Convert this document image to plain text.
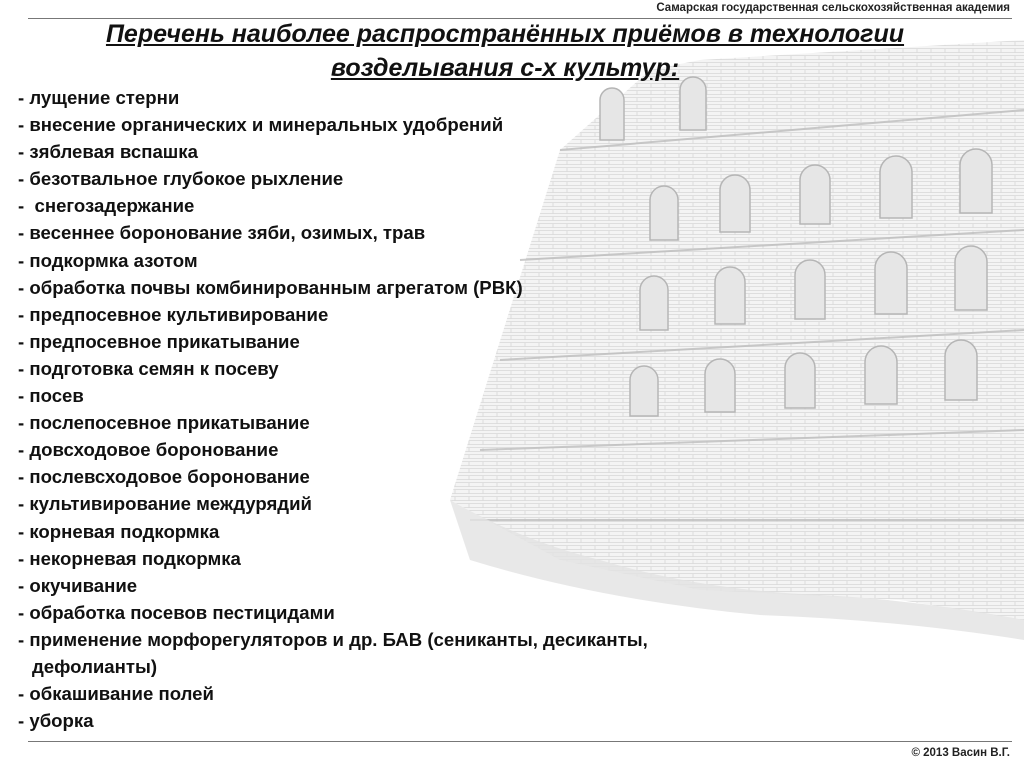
Самарская государственная сельскохозяйственная академия
Перечень наиболее распространённых приёмов в технологии
возделывания с-х культур:
- лущение стерни
- внесение органических и минеральных удобрений
- зяблевая вспашка
- безотвальное глубокое рыхление
-  снегозадержание
- весеннее боронование зяби, озимых, трав
- подкормка азотом
- обработка почвы комбинированным агрегатом (РВК)
- предпосевное культивирование
- предпосевное прикатывание
- подготовка семян к посеву
- посев
- послепосевное прикатывание
- довсходовое боронование
- послевсходовое боронование
- культивирование междурядий
- корневая подкормка
- некорневая подкормка
- окучивание
- обработка посевов пестицидами
- применение морфорегуляторов и др. БАВ (сениканты, десиканты,
дефолианты)
- обкашивание полей
- уборка
© 2013 Васин В.Г.
